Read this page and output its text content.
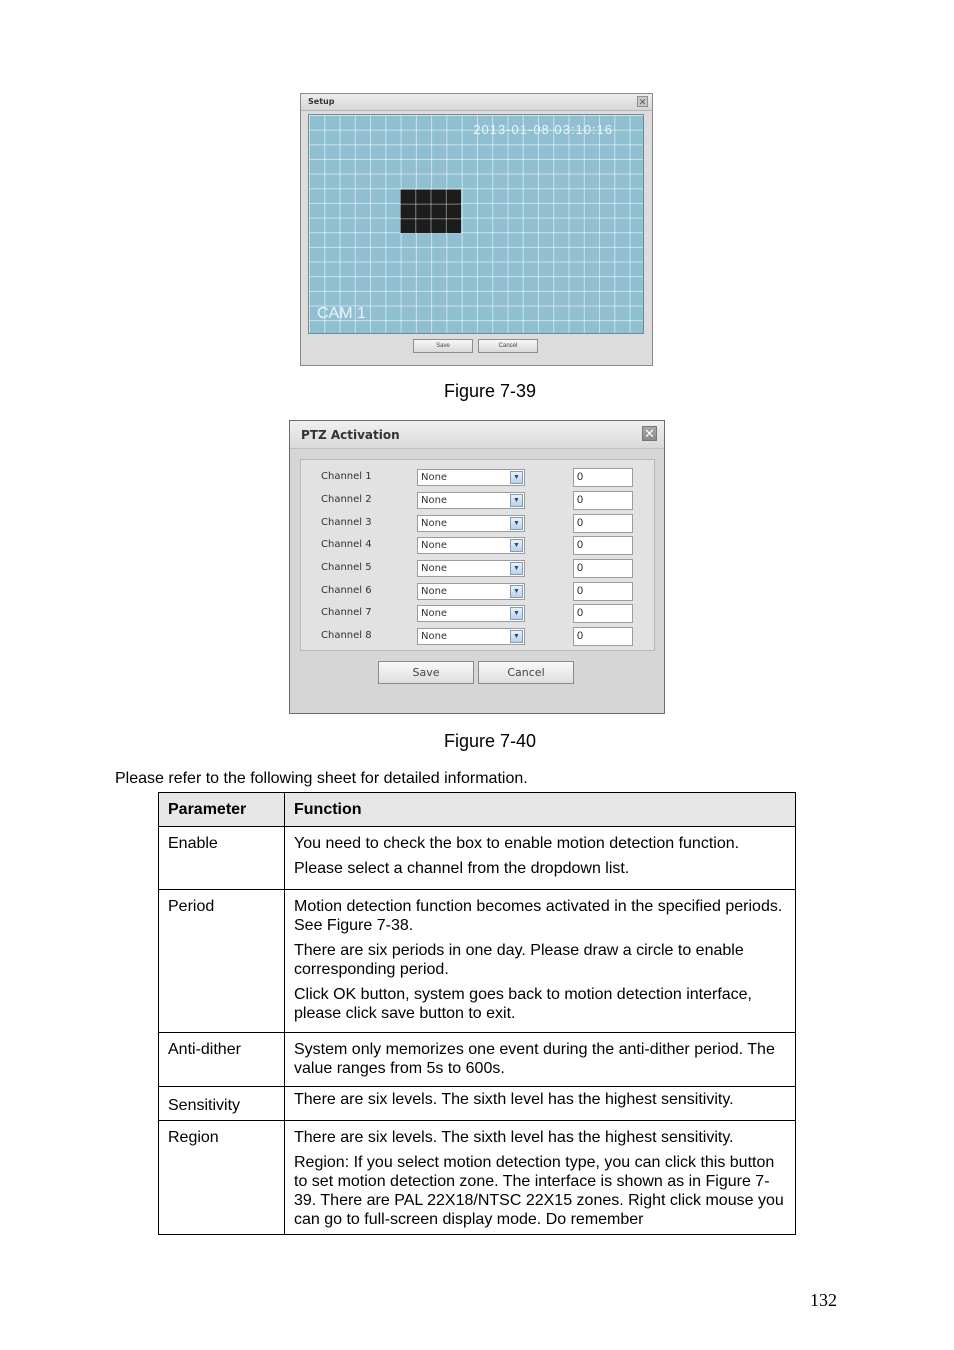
Setup	✕
2013-01-08 03:10:16
CAM 1
Save	Cancel
Figure 7-39
PTZ Activation	✕
Channel 1	None	▼	0
Channel 2	None	▼	0
Channel 3	None	▼	0
Channel 4	None	▼	0
Channel 5	None	▼	0
Channel 6	None	▼	0
Channel 7	None	▼	0
Channel 8	None	▼	0
Save	Cancel
Figure 7-40
Please refer to the following sheet for detailed information.
Parameter	Function
Enable	You need to check the box to enable motion detection function.

Please select a channel from the dropdown list.

Period	Motion detection function becomes activated in the specified periods. See Figure 7-38.

There are six periods in one day. Please draw a circle to enable corresponding period.

Click OK button, system goes back to motion detection interface, please click save button to exit.

Anti-dither	System only memorizes one event during the anti-dither period. The value ranges from 5s to 600s.

Sensitivity	There are six levels. The sixth level has the highest sensitivity.

Region	There are six levels. The sixth level has the highest sensitivity.

Region: If you select motion detection type, you can click this button to set motion detection zone. The interface is shown as in Figure 7-39. There are PAL 22X18/NTSC 22X15 zones. Right click mouse you can go to full-screen display mode. Do remember

132
